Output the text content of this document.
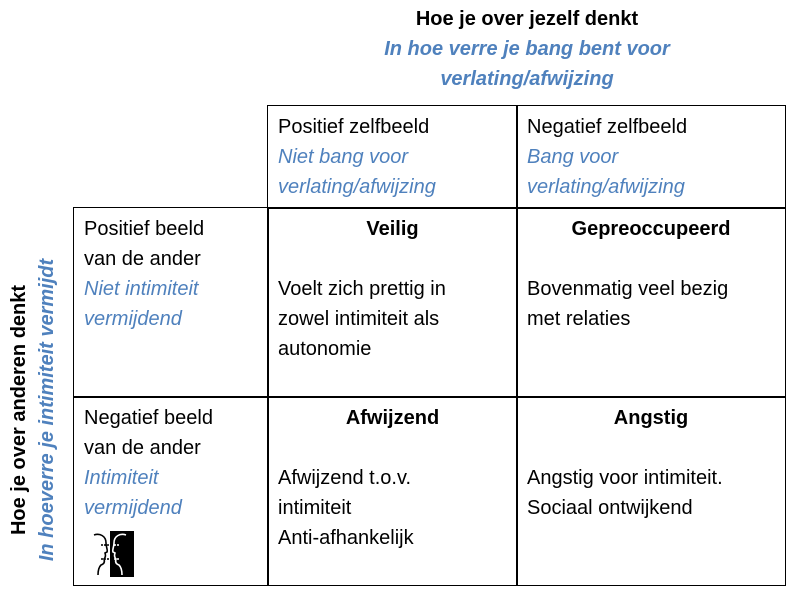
Hoe je over jezelf denkt
In hoe verre je bang bent voor
verlating/afwijzing
Hoe je over anderen denkt In hoeverre je intimiteit vermijdt
Positief zelfbeeld
Niet bang voor
verlating/afwijzing
Negatief zelfbeeld
Bang voor
verlating/afwijzing
Positief beeld
van de ander
Niet intimiteit
vermijdend
Negatief beeld
van de ander
Intimiteit
vermijdend
Veilig
Voelt zich prettig in
zowel intimiteit als
autonomie
Gepreoccupeerd
Bovenmatig veel bezig
met relaties
Afwijzend
Afwijzend t.o.v.
intimiteit
Anti-afhankelijk
Angstig
Angstig voor intimiteit.
Sociaal ontwijkend
